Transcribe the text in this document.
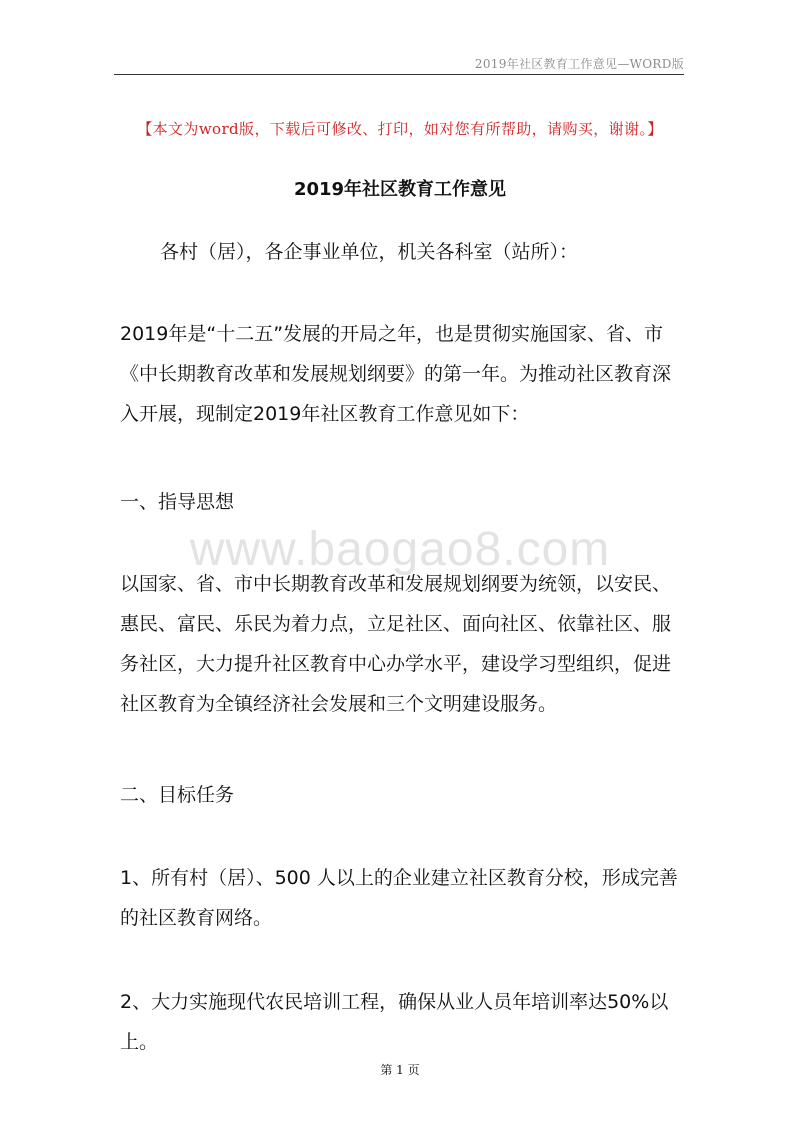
2019年社区教育工作意见—WORD版
【本文为word版，下载后可修改、打印，如对您有所帮助，请购买，谢谢。】
2019年社区教育工作意见

各村（居），各企事业单位，机关各科室（站所）：

2019年是“十二五”发展的开局之年，也是贯彻实施国家、省、市《中长期教育改革和发展规划纲要》的第一年。为推动社区教育深入开展，现制定2019年社区教育工作意见如下：

一、指导思想

www.baogao8.com

以国家、省、市中长期教育改革和发展规划纲要为统领，以安民、惠民、富民、乐民为着力点，立足社区、面向社区、依靠社区、服务社区，大力提升社区教育中心办学水平，建设学习型组织，促进社区教育为全镇经济社会发展和三个文明建设服务。

二、目标任务

1、所有村（居）、500 人以上的企业建立社区教育分校，形成完善的社区教育网络。

2、大力实施现代农民培训工程，确保从业人员年培训率达50%以上。

第 1 页
